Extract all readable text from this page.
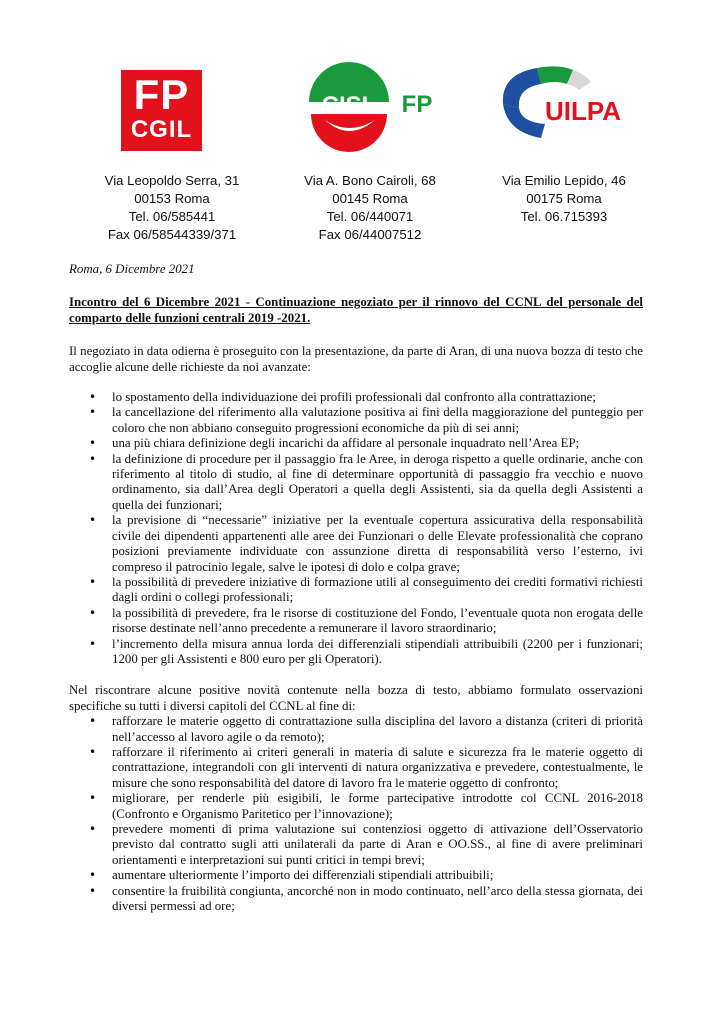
FP
CGIL
CISL FP	UILPA
Via Leopoldo Serra, 31
00153 Roma
Tel. 06/585441
Fax 06/58544339/371
Via A. Bono Cairoli, 68
00145 Roma
Tel. 06/440071
Fax 06/44007512
Via Emilio Lepido, 46
00175 Roma
Tel. 06.715393

Roma, 6 Dicembre 2021

Incontro del 6 Dicembre 2021 - Continuazione negoziato per il rinnovo del CCNL del personale del comparto delle funzioni centrali 2019 -2021.

Il negoziato in data odierna è proseguito con la presentazione, da parte di Aran, di una nuova bozza di testo che accoglie alcune delle richieste da noi avanzate:

• lo spostamento della individuazione dei profili professionali dal confronto alla contrattazione;
• la cancellazione del riferimento alla valutazione positiva ai fini della maggiorazione del punteggio per coloro che non abbiano conseguito progressioni economiche da più di sei anni;
• una più chiara definizione degli incarichi da affidare al personale inquadrato nell’Area EP;
• la definizione di procedure per il passaggio fra le Aree, in deroga rispetto a quelle ordinarie, anche con riferimento al titolo di studio, al fine di determinare opportunità di passaggio fra vecchio e nuovo ordinamento, sia dall’Area degli Operatori a quella degli Assistenti, sia da quella degli Assistenti a quella dei funzionari;
• la previsione di “necessarie” iniziative per la eventuale copertura assicurativa della responsabilità civile dei dipendenti appartenenti alle aree dei Funzionari o delle Elevate professionalità che coprano posizioni previamente individuate con assunzione diretta di responsabilità verso l’esterno, ivi compreso il patrocinio legale, salve le ipotesi di dolo e colpa grave;
• la possibilità di prevedere iniziative di formazione utili al conseguimento dei crediti formativi richiesti dagli ordini o collegi professionali;
• la possibilità di prevedere, fra le risorse di costituzione del Fondo, l’eventuale quota non erogata delle risorse destinate nell’anno precedente a remunerare il lavoro straordinario;
• l’incremento della misura annua lorda dei differenziali stipendiali attribuibili (2200 per i funzionari; 1200 per gli Assistenti e 800 euro per gli Operatori).

Nel riscontrare alcune positive novità contenute nella bozza di testo, abbiamo formulato osservazioni specifiche su tutti i diversi capitoli del CCNL al fine di:

• rafforzare le materie oggetto di contrattazione sulla disciplina del lavoro a distanza (criteri di priorità nell’accesso al lavoro agile o da remoto);
• rafforzare il riferimento ai criteri generali in materia di salute e sicurezza fra le materie oggetto di contrattazione, integrandoli con gli interventi di natura organizzativa e prevedere, contestualmente, le misure che sono responsabilità del datore di lavoro fra le materie oggetto di confronto;
• migliorare, per renderle più esigibili, le forme partecipative introdotte col CCNL 2016-2018 (Confronto e Organismo Paritetico per l’innovazione);
• prevedere momenti di prima valutazione sui contenziosi oggetto di attivazione dell’Osservatorio previsto dal contratto sugli atti unilaterali da parte di Aran e OO.SS., al fine di avere preliminari orientamenti e interpretazioni sui punti critici in tempi brevi;
• aumentare ulteriormente l’importo dei differenziali stipendiali attribuibili;
• consentire la fruibilità congiunta, ancorché non in modo continuato, nell’arco della stessa giornata, dei diversi permessi ad ore;
